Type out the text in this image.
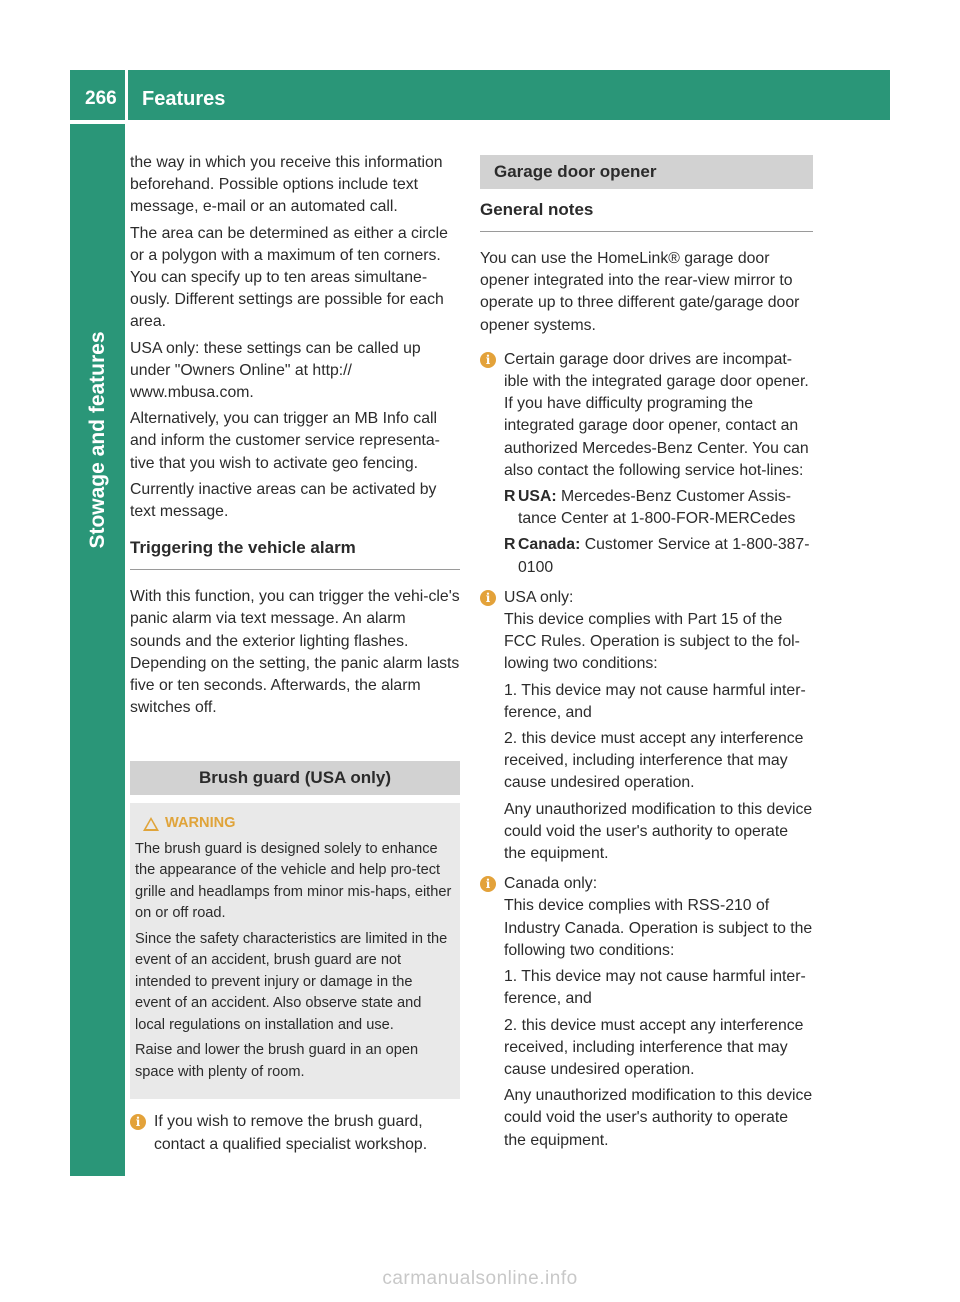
266 Features
Stowage and features

the way in which you receive this information beforehand. Possible options include text message, e-mail or an automated call.

The area can be determined as either a circle or a polygon with a maximum of ten corners. You can specify up to ten areas simultane-ously. Different settings are possible for each area.

USA only: these settings can be called up under "Owners Online" at http:// www.mbusa.com.

Alternatively, you can trigger an MB Info call and inform the customer service representa-tive that you wish to activate geo fencing.

Currently inactive areas can be activated by text message.

Triggering the vehicle alarm

With this function, you can trigger the vehi-cle's panic alarm via text message. An alarm sounds and the exterior lighting flashes. Depending on the setting, the panic alarm lasts five or ten seconds. Afterwards, the alarm switches off.

Brush guard (USA only)
WARNING

The brush guard is designed solely to enhance the appearance of the vehicle and help pro-tect grille and headlamps from minor mis-haps, either on or off road.

Since the safety characteristics are limited in the event of an accident, brush guard are not intended to prevent injury or damage in the event of an accident. Also observe state and local regulations on installation and use.

Raise and lower the brush guard in an open space with plenty of room.

i If you wish to remove the brush guard, contact a qualified specialist workshop.
Garage door opener
General notes

You can use the HomeLink® garage door opener integrated into the rear-view mirror to operate up to three different gate/garage door opener systems.

i Certain garage door drives are incompat-ible with the integrated garage door opener. If you have difficulty programing the integrated garage door opener, contact an authorized Mercedes-Benz Center. You can also contact the following service hot-lines:

R USA: Mercedes-Benz Customer Assis-tance Center at 1-800-FOR-MERCedes
R Canada: Customer Service at 1-800-387-0100
i USA only:
This device complies with Part 15 of the FCC Rules. Operation is subject to the fol-lowing two conditions:

1. This device may not cause harmful inter-ference, and

2. this device must accept any interference received, including interference that may cause undesired operation.

Any unauthorized modification to this device could void the user's authority to operate the equipment.

i Canada only:
This device complies with RSS-210 of Industry Canada. Operation is subject to the following two conditions:

1. This device may not cause harmful inter-ference, and

2. this device must accept any interference received, including interference that may cause undesired operation.

Any unauthorized modification to this device could void the user's authority to operate the equipment.

carmanualsonline.info
